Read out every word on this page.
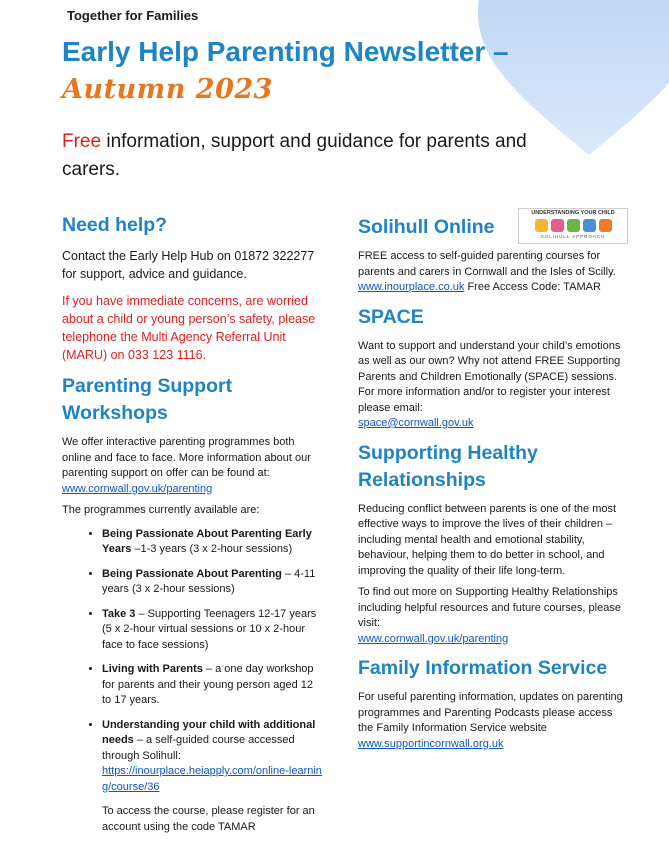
Together for Families
Early Help Parenting Newsletter –
Autumn 2023

Free information, support and guidance for parents and carers.

Need help?

Contact the Early Help Hub on 01872 322277 for support, advice and guidance.

If you have immediate concerns, are worried about a child or young person’s safety, please telephone the Multi Agency Referral Unit (MARU) on 033 123 1116.

Parenting Support Workshops

We offer interactive parenting programmes both online and face to face. More information about our parenting support on offer can be found at: www.cornwall.gov.uk/parenting

The programmes currently available are:

• Being Passionate About Parenting Early Years –1-3 years (3 x 2-hour sessions)
• Being Passionate About Parenting – 4-11 years (3 x 2-hour sessions)
• Take 3 – Supporting Teenagers 12-17 years (5 x 2-hour virtual sessions or 10 x 2-hour face to face sessions)
• Living with Parents – a one day workshop for parents and their young person aged 12 to 17 years.
• Understanding your child with additional needs – a self-guided course accessed through Solihull:
https://inourplace.heiapply.com/online-learning/course/36

To access the course, please register for an account using the code TAMAR

Solihull Online
UNDERSTANDING YOUR CHILD
SOLIHULL APPROACH

FREE access to self-guided parenting courses for parents and carers in Cornwall and the Isles of Scilly. www.inourplace.co.uk Free Access Code: TAMAR

SPACE

Want to support and understand your child’s emotions as well as our own? Why not attend FREE Supporting Parents and Children Emotionally (SPACE) sessions. For more information and/or to register your interest please email:
space@cornwall.gov.uk

Supporting Healthy Relationships

Reducing conflict between parents is one of the most effective ways to improve the lives of their children – including mental health and emotional stability, behaviour, helping them to do better in school, and improving the quality of their life long-term.

To find out more on Supporting Healthy Relationships including helpful resources and future courses, please visit:
www.cornwall.gov.uk/parenting

Family Information Service

For useful parenting information, updates on parenting programmes and Parenting Podcasts please access the Family Information Service website www.supportincornwall.org.uk
